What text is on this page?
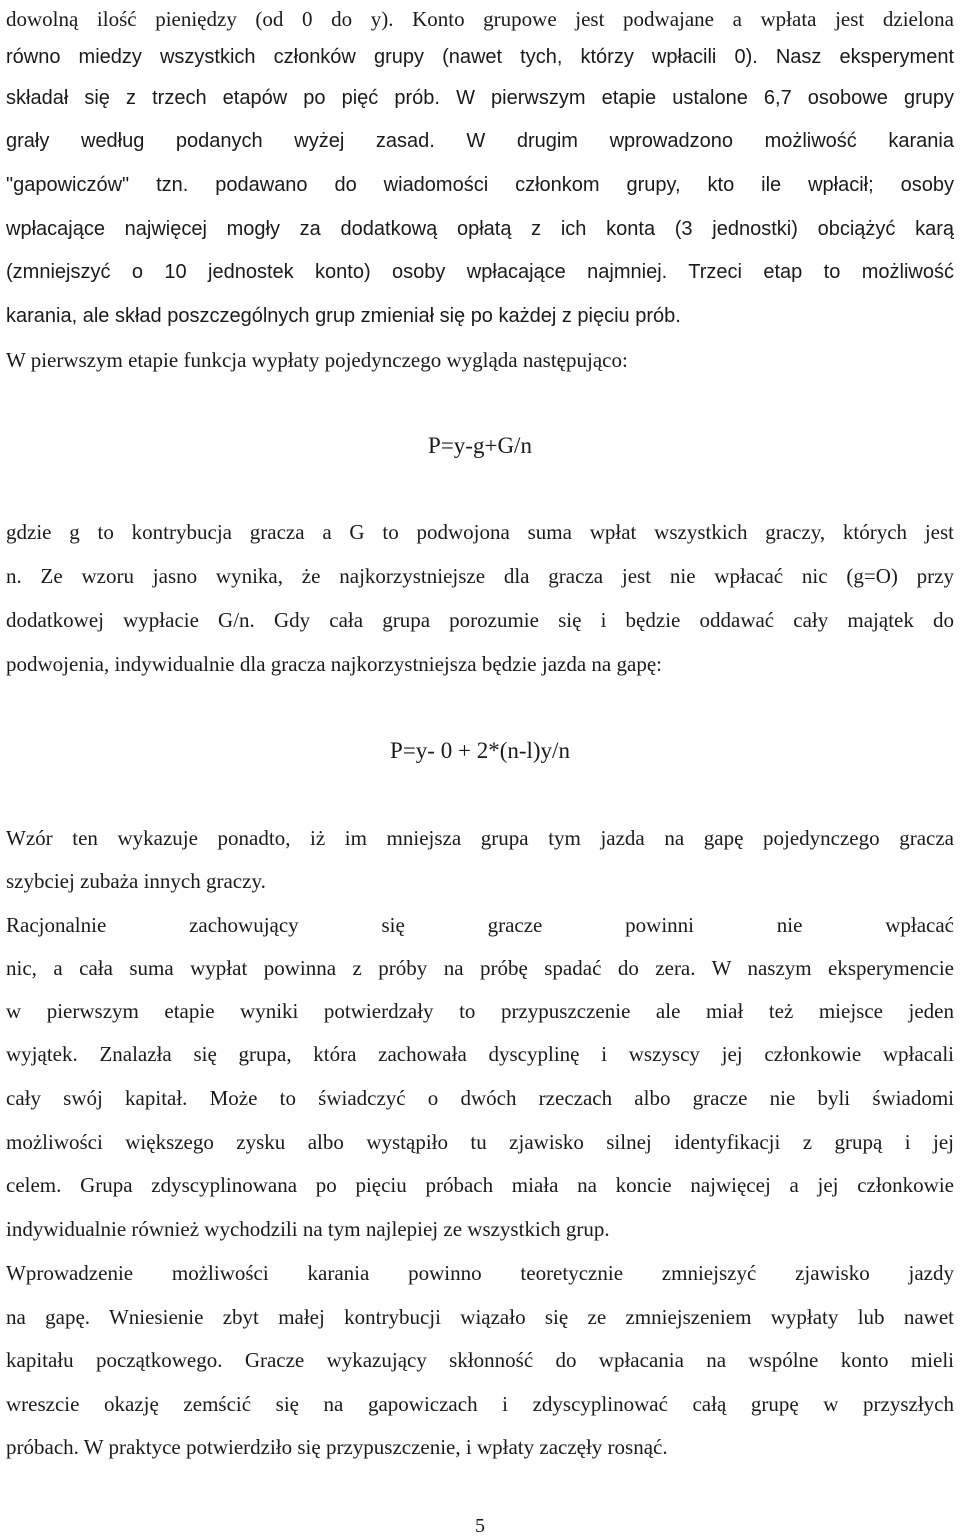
dowolną ilość pieniędzy (od 0 do y). Konto grupowe jest podwajane a wpłata jest dzielona
równo miedzy wszystkich członków grupy (nawet tych, którzy wpłacili 0). Nasz eksperyment
składał się z trzech etapów po pięć prób. W pierwszym etapie ustalone 6,7 osobowe grupy
grały według podanych wyżej zasad. W drugim wprowadzono możliwość karania
"gapowiczów" tzn. podawano do wiadomości członkom grupy, kto ile wpłacił; osoby
wpłacające najwięcej mogły za dodatkową opłatą z ich konta (3 jednostki) obciążyć karą
(zmniejszyć o 10 jednostek konto) osoby wpłacające najmniej. Trzeci etap to możliwość
karania, ale skład poszczególnych grup zmieniał się po każdej z pięciu prób.
W pierwszym etapie funkcja wypłaty pojedynczego wygląda następująco:
P=y-g+G/n
gdzie g to kontrybucja gracza a G to podwojona suma wpłat wszystkich graczy, których jest
n. Ze wzoru jasno wynika, że najkorzystniejsze dla gracza jest nie wpłacać nic (g=O) przy
dodatkowej wypłacie G/n. Gdy cała grupa porozumie się i będzie oddawać cały majątek do
podwojenia, indywidualnie dla gracza najkorzystniejsza będzie jazda na gapę:
P=y- 0 + 2*(n-l)y/n
Wzór ten wykazuje ponadto, iż im mniejsza grupa tym jazda na gapę pojedynczego gracza
szybciej zubaża innych graczy.
Racjonalnie zachowujący się gracze powinni nie wpłacać
nic, a cała suma wypłat powinna z próby na próbę spadać do zera. W naszym eksperymencie
w pierwszym etapie wyniki potwierdzały to przypuszczenie ale miał też miejsce jeden
wyjątek. Znalazła się grupa, która zachowała dyscyplinę i wszyscy jej członkowie wpłacali
cały swój kapitał. Może to świadczyć o dwóch rzeczach albo gracze nie byli świadomi
możliwości większego zysku albo wystąpiło tu zjawisko silnej identyfikacji z grupą i jej
celem. Grupa zdyscyplinowana po pięciu próbach miała na koncie najwięcej a jej członkowie
indywidualnie również wychodzili na tym najlepiej ze wszystkich grup.
Wprowadzenie możliwości karania powinno teoretycznie zmniejszyć zjawisko jazdy
na gapę. Wniesienie zbyt małej kontrybucji wiązało się ze zmniejszeniem wypłaty lub nawet
kapitału początkowego. Gracze wykazujący skłonność do wpłacania na wspólne konto mieli
wreszcie okazję zemścić się na gapowiczach i zdyscyplinować całą grupę w przyszłych
próbach. W praktyce potwierdziło się przypuszczenie, i wpłaty zaczęły rosnąć.
5
